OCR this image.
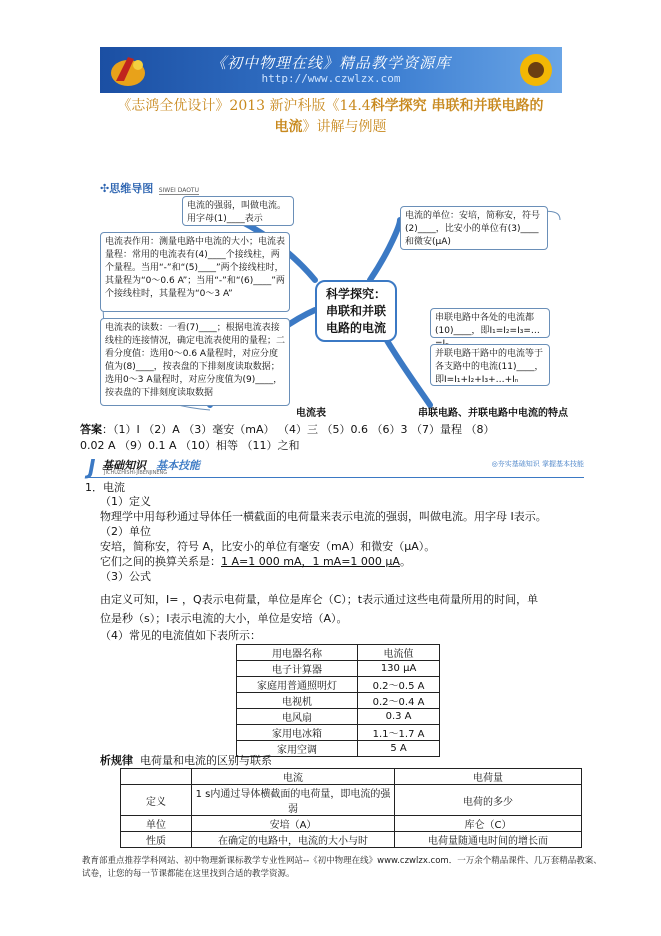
《初中物理在线》精品教学资源库
http://www.czwlzx.com
《志鸿全优设计》2013 新沪科版《14.4科学探究 串联和并联电路的
电流》讲解与例题
✣思维导图 SIWEI DAOTU
电流的强弱，叫做电流。用字母(1)____表示
电流表作用：测量电路中电流的大小；电流表量程：常用的电流表有(4)____个接线柱，两个量程。当用“-”和“(5)____”两个接线柱时，其量程为“0～0.6 A”；当用“-”和“(6)____”两个接线柱时，其量程为“0～3 A”
电流表的读数：一看(7)____；根据电流表接线柱的连接情况，确定电流表使用的量程；二看分度值：选用0～0.6 A量程时，对应分度值为(8)____，按表盘的下排刻度读取数据；选用0～3 A量程时，对应分度值为(9)____，按表盘的下排刻度读取数据
科学探究：串联和并联电路的电流
电流的单位：安培，简称安，符号(2)____，比安小的单位有(3)____和微安(μA)
串联电路中各处的电流都(10)____，即I₁=I₂=I₃=…
并联电路干路中的电流等于各支路中的电流(11)____，即I=I₁+I₂+I₃+…+Iₙ
电流表	串联电路、并联电路中电流的特点
答案：（1）I （2）A （3）毫安（mA） （4）三 （5）0.6 （6）3 （7）量程 （8）
0.02 A （9）0.1 A （10）相等 （11）之和
J 基础知识 基本技能
JICHUZHISHI·JIBENJINENG
◎夯实基础知识 掌握基本技能
1．电流
（1）定义
物理学中用每秒通过导体任一横截面的电荷量来表示电流的强弱，叫做电流。用字母 I表示。
（2）单位
安培，简称安，符号 A，比安小的单位有毫安（mA）和微安（μA）。
它们之间的换算关系是：1 A=1 000 mA，1 mA=1 000 μA。
（3）公式
由定义可知，I= ，Q表示电荷量，单位是库仑（C）；t表示通过这些电荷量所用的时间，单
位是秒（s）；I表示电流的大小，单位是安培（A）。
（4）常见的电流值如下表所示：
用电器名称	电流值
电子计算器	130 μA
家庭用普通照明灯	0.2～0.5 A
电视机	0.2～0.4 A
电风扇	0.3 A
家用电冰箱	1.1～1.7 A
家用空调	5 A
析规律 电荷量和电流的区别与联系
	电流	电荷量
定义	1 s内通过导体横截面的电荷量，即电流的强弱	电荷的多少
单位	安培（A）	库仑（C）
性质	在确定的电路中，电流的大小与时	电荷量随通电时间的增长而
教育部重点推荐学科网站、初中物理新课标教学专业性网站--《初中物理在线》www.czwlzx.com．一万余个精品课件、几万套精品教案、试卷，让您的每一节课都能在这里找到合适的教学资源。
